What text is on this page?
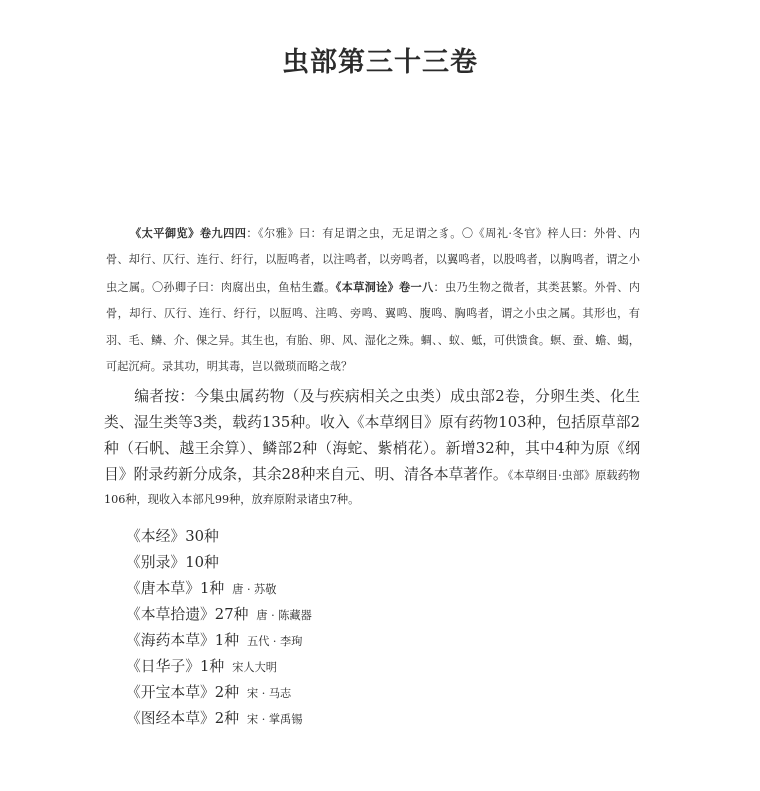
虫部第三十三卷
《太平御览》卷九四四：《尔雅》曰：有足谓之虫，无足谓之豸。〇《周礼·冬官》梓人曰：外骨、内骨、却行、仄行、连行、纡行，以脰鸣者，以注鸣者，以旁鸣者，以翼鸣者，以股鸣者，以胸鸣者，谓之小虫之属。〇孙卿子曰：肉腐出虫，鱼枯生蠹。《本草洞诠》卷一八：虫乃生物之微者，其类甚繁。外骨、内骨，却行、仄行、连行、纡行，以脰鸣、注鸣、旁鸣、翼鸣、腹鸣、胸鸣者，谓之小虫之属。其形也，有羽、毛、鳞、介、倮之异。其生也，有胎、卵、风、湿化之殊。蜩、、蚁、蚳，可供馈食。螟、蚕、蟾、蝎，可起沉疴。录其功，明其毒，岂以微琐而略之哉？
编者按：今集虫属药物（及与疾病相关之虫类）成虫部2卷，分卵生类、化生类、湿生类等3类，载药135种。收入《本草纲目》原有药物103种，包括原草部2种（石帆、越王余算）、鳞部2种（海蛇、紫梢花）。新增32种，其中4种为原《纲目》附录药新分成条，其余28种来自元、明、清各本草著作。《本草纲目·虫部》原载药物106种，现收入本部凡99种，放弃原附录诸虫7种。
《本经》30种
《别录》10种
《唐本草》1种 唐 · 苏敬
《本草拾遗》27种 唐 · 陈藏器
《海药本草》1种 五代 · 李珣
《日华子》1种 宋人大明
《开宝本草》2种 宋 · 马志
《图经本草》2种 宋 · 掌禹锡
